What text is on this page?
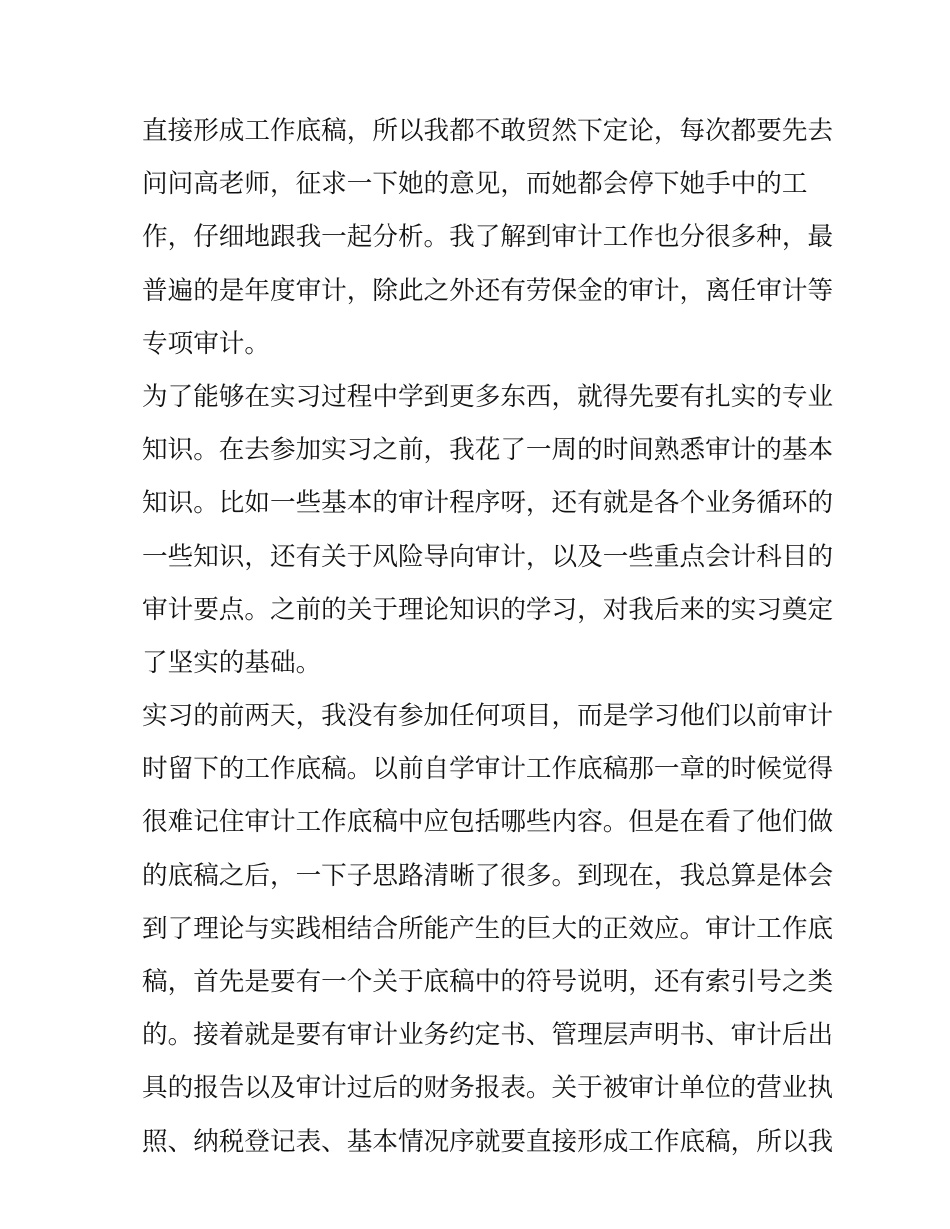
直接形成工作底稿，所以我都不敢贸然下定论，每次都要先去
问问高老师，征求一下她的意见，而她都会停下她手中的工
作，仔细地跟我一起分析。我了解到审计工作也分很多种，最
普遍的是年度审计，除此之外还有劳保金的审计，离任审计等
专项审计。
为了能够在实习过程中学到更多东西，就得先要有扎实的专业
知识。在去参加实习之前，我花了一周的时间熟悉审计的基本
知识。比如一些基本的审计程序呀，还有就是各个业务循环的
一些知识，还有关于风险导向审计，以及一些重点会计科目的
审计要点。之前的关于理论知识的学习，对我后来的实习奠定
了坚实的基础。
实习的前两天，我没有参加任何项目，而是学习他们以前审计
时留下的工作底稿。以前自学审计工作底稿那一章的时候觉得
很难记住审计工作底稿中应包括哪些内容。但是在看了他们做
的底稿之后，一下子思路清晰了很多。到现在，我总算是体会
到了理论与实践相结合所能产生的巨大的正效应。审计工作底
稿，首先是要有一个关于底稿中的符号说明，还有索引号之类
的。接着就是要有审计业务约定书、管理层声明书、审计后出
具的报告以及审计过后的财务报表。关于被审计单位的营业执
照、纳税登记表、基本情况序就要直接形成工作底稿，所以我
